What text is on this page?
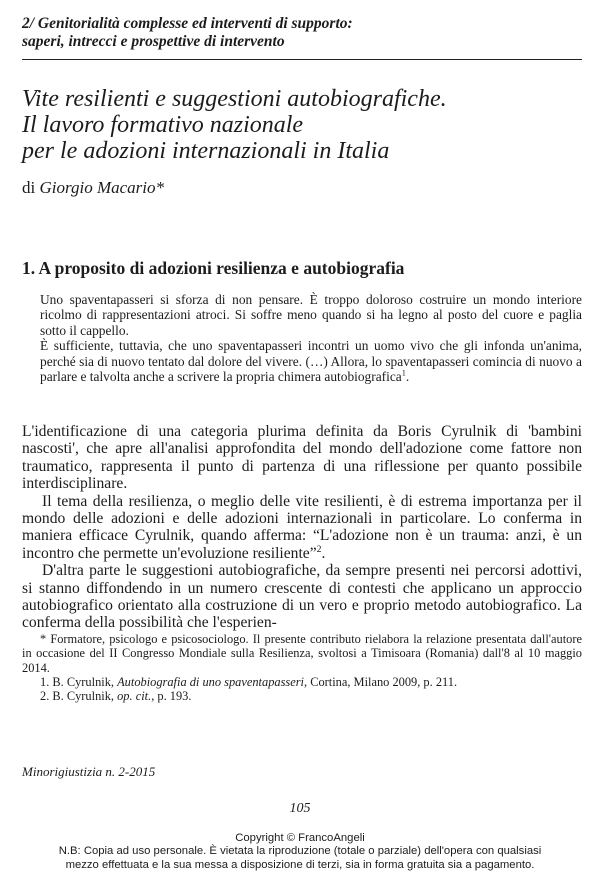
2/ Genitorialità complesse ed interventi di supporto:
saperi, intrecci e prospettive di intervento
Vite resilienti e suggestioni autobiografiche.
Il lavoro formativo nazionale
per le adozioni internazionali in Italia
di Giorgio Macario*
1. A proposito di adozioni resilienza e autobiografia

Uno spaventapasseri si sforza di non pensare. È troppo doloroso costruire un mondo interiore ricolmo di rappresentazioni atroci. Si soffre meno quando si ha legno al posto del cuore e paglia sotto il cappello.

È sufficiente, tuttavia, che uno spaventapasseri incontri un uomo vivo che gli infonda un'anima, perché sia di nuovo tentato dal dolore del vivere. (…) Allora, lo spaventapasseri comincia di nuovo a parlare e talvolta anche a scrivere la propria chimera autobiografica$^1$.

L'identificazione di una categoria plurima definita da Boris Cyrulnik di 'bambini nascosti', che apre all'analisi approfondita del mondo dell'adozione come fattore non traumatico, rappresenta il punto di partenza di una riflessione per quanto possibile interdisciplinare.

Il tema della resilienza, o meglio delle vite resilienti, è di estrema importanza per il mondo delle adozioni e delle adozioni internazionali in particolare. Lo conferma in maniera efficace Cyrulnik, quando afferma: “L'adozione non è un trauma: anzi, è un incontro che permette un'evoluzione resiliente”$^2$.

D'altra parte le suggestioni autobiografiche, da sempre presenti nei percorsi adottivi, si stanno diffondendo in un numero crescente di contesti che applicano un approccio autobiografico orientato alla costruzione di un vero e proprio metodo autobiografico. La conferma della possibilità che l'esperien-

* Formatore, psicologo e psicosociologo. Il presente contributo rielabora la relazione presentata dall'autore in occasione del II Congresso Mondiale sulla Resilienza, svoltosi a Timisoara (Romania) dall'8 al 10 maggio 2014.

1. B. Cyrulnik, Autobiografia di uno spaventapasseri, Cortina, Milano 2009, p. 211.

2. B. Cyrulnik, op. cit., p. 193.

Minorigiustizia n. 2-2015
105
Copyright © FrancoAngeli
N.B: Copia ad uso personale. È vietata la riproduzione (totale o parziale) dell'opera con qualsiasi
mezzo effettuata e la sua messa a disposizione di terzi, sia in forma gratuita sia a pagamento.
